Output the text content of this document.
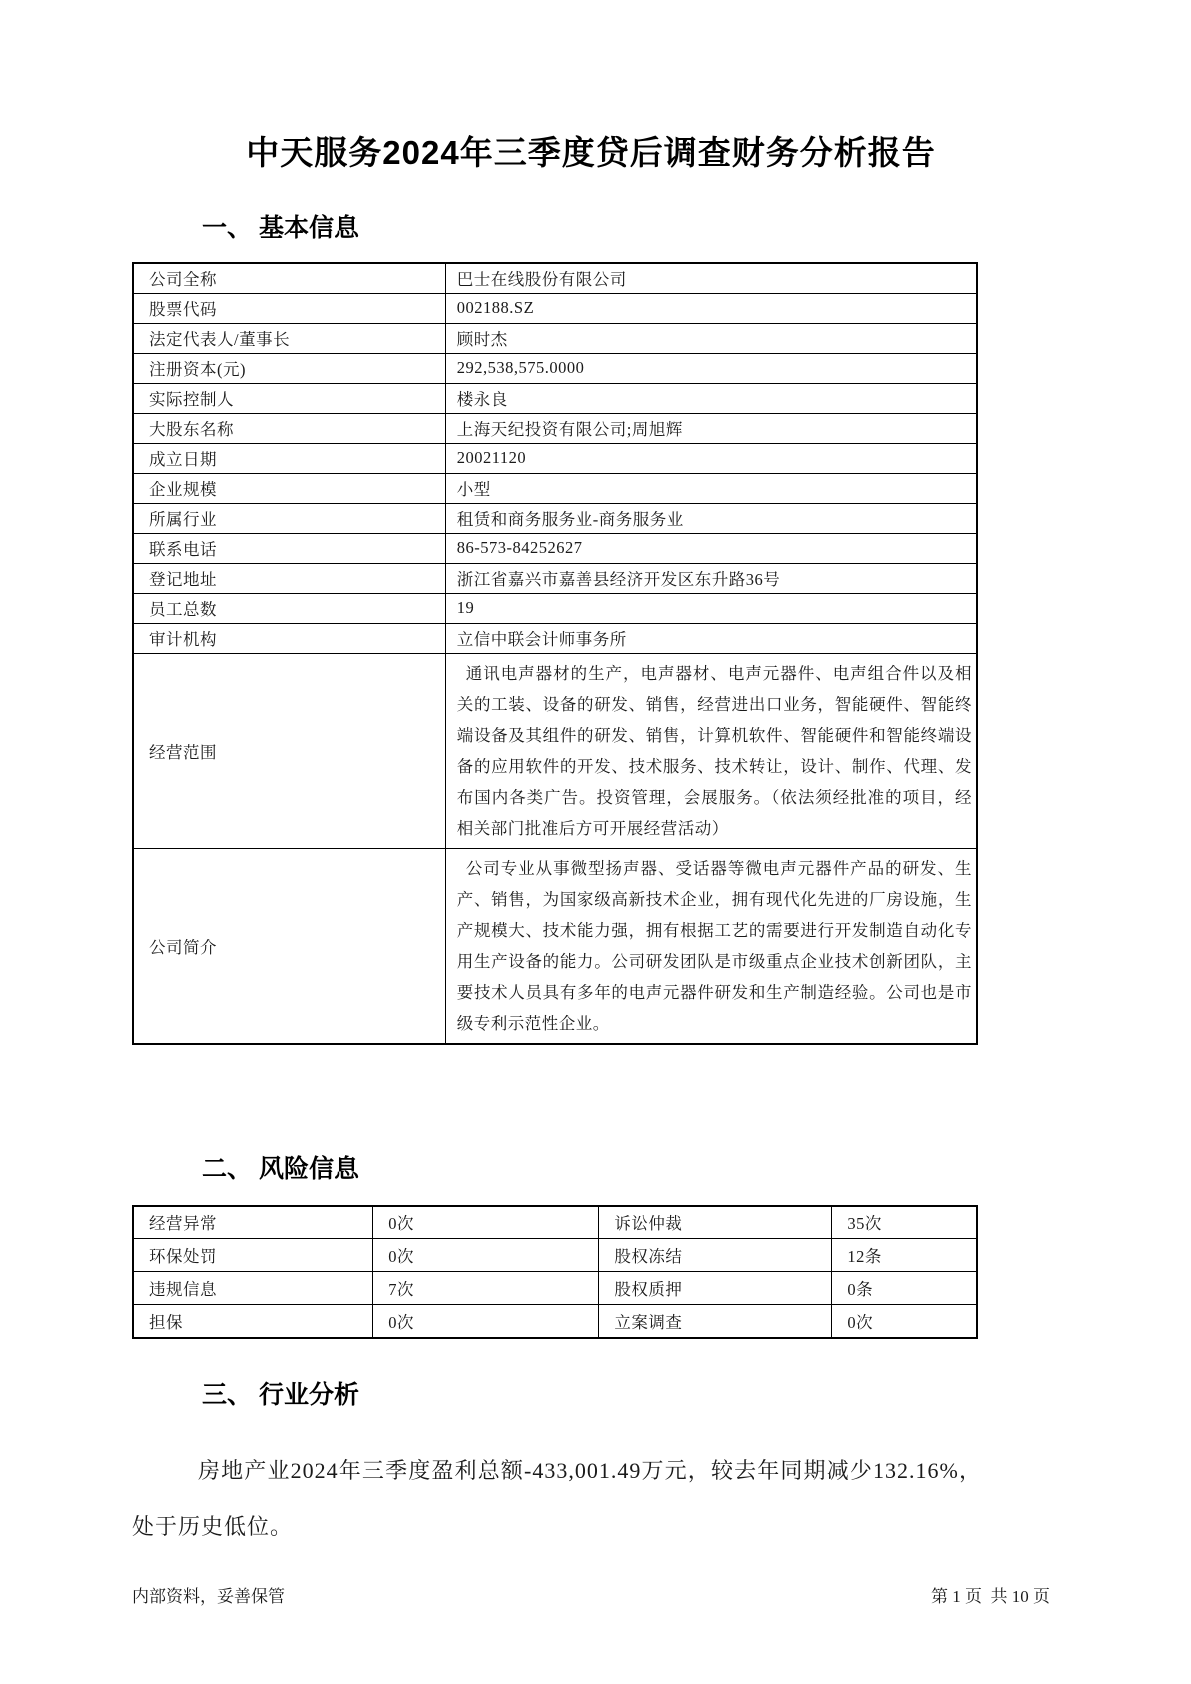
中天服务2024年三季度贷后调查财务分析报告
一、 基本信息
公司全称	巴士在线股份有限公司
股票代码	002188.SZ
法定代表人/董事长	顾时杰
注册资本(元)	292,538,575.0000
实际控制人	楼永良
大股东名称	上海天纪投资有限公司;周旭辉
成立日期	20021120
企业规模	小型
所属行业	租赁和商务服务业-商务服务业
联系电话	86-573-84252627
登记地址	浙江省嘉兴市嘉善县经济开发区东升路36号
员工总数	19
审计机构	立信中联会计师事务所
经营范围	通讯电声器材的生产，电声器材、电声元器件、电声组合件以及相关的工装、设备的研发、销售，经营进出口业务，智能硬件、智能终端设备及其组件的研发、销售，计算机软件、智能硬件和智能终端设备的应用软件的开发、技术服务、技术转让，设计、制作、代理、发布国内各类广告。投资管理，会展服务。（依法须经批准的项目，经相关部门批准后方可开展经营活动）
公司简介	公司专业从事微型扬声器、受话器等微电声元器件产品的研发、生产、销售，为国家级高新技术企业，拥有现代化先进的厂房设施，生产规模大、技术能力强，拥有根据工艺的需要进行开发制造自动化专用生产设备的能力。公司研发团队是市级重点企业技术创新团队，主要技术人员具有多年的电声元器件研发和生产制造经验。公司也是市级专利示范性企业。
二、 风险信息
经营异常	0次	诉讼仲裁	35次
环保处罚	0次	股权冻结	12条
违规信息	7次	股权质押	0条
担保	0次	立案调查	0次
三、 行业分析

房地产业2024年三季度盈利总额-433,001.49万元，较去年同期减少132.16%，处于历史低位。

内部资料，妥善保管	第 1 页  共 10 页
